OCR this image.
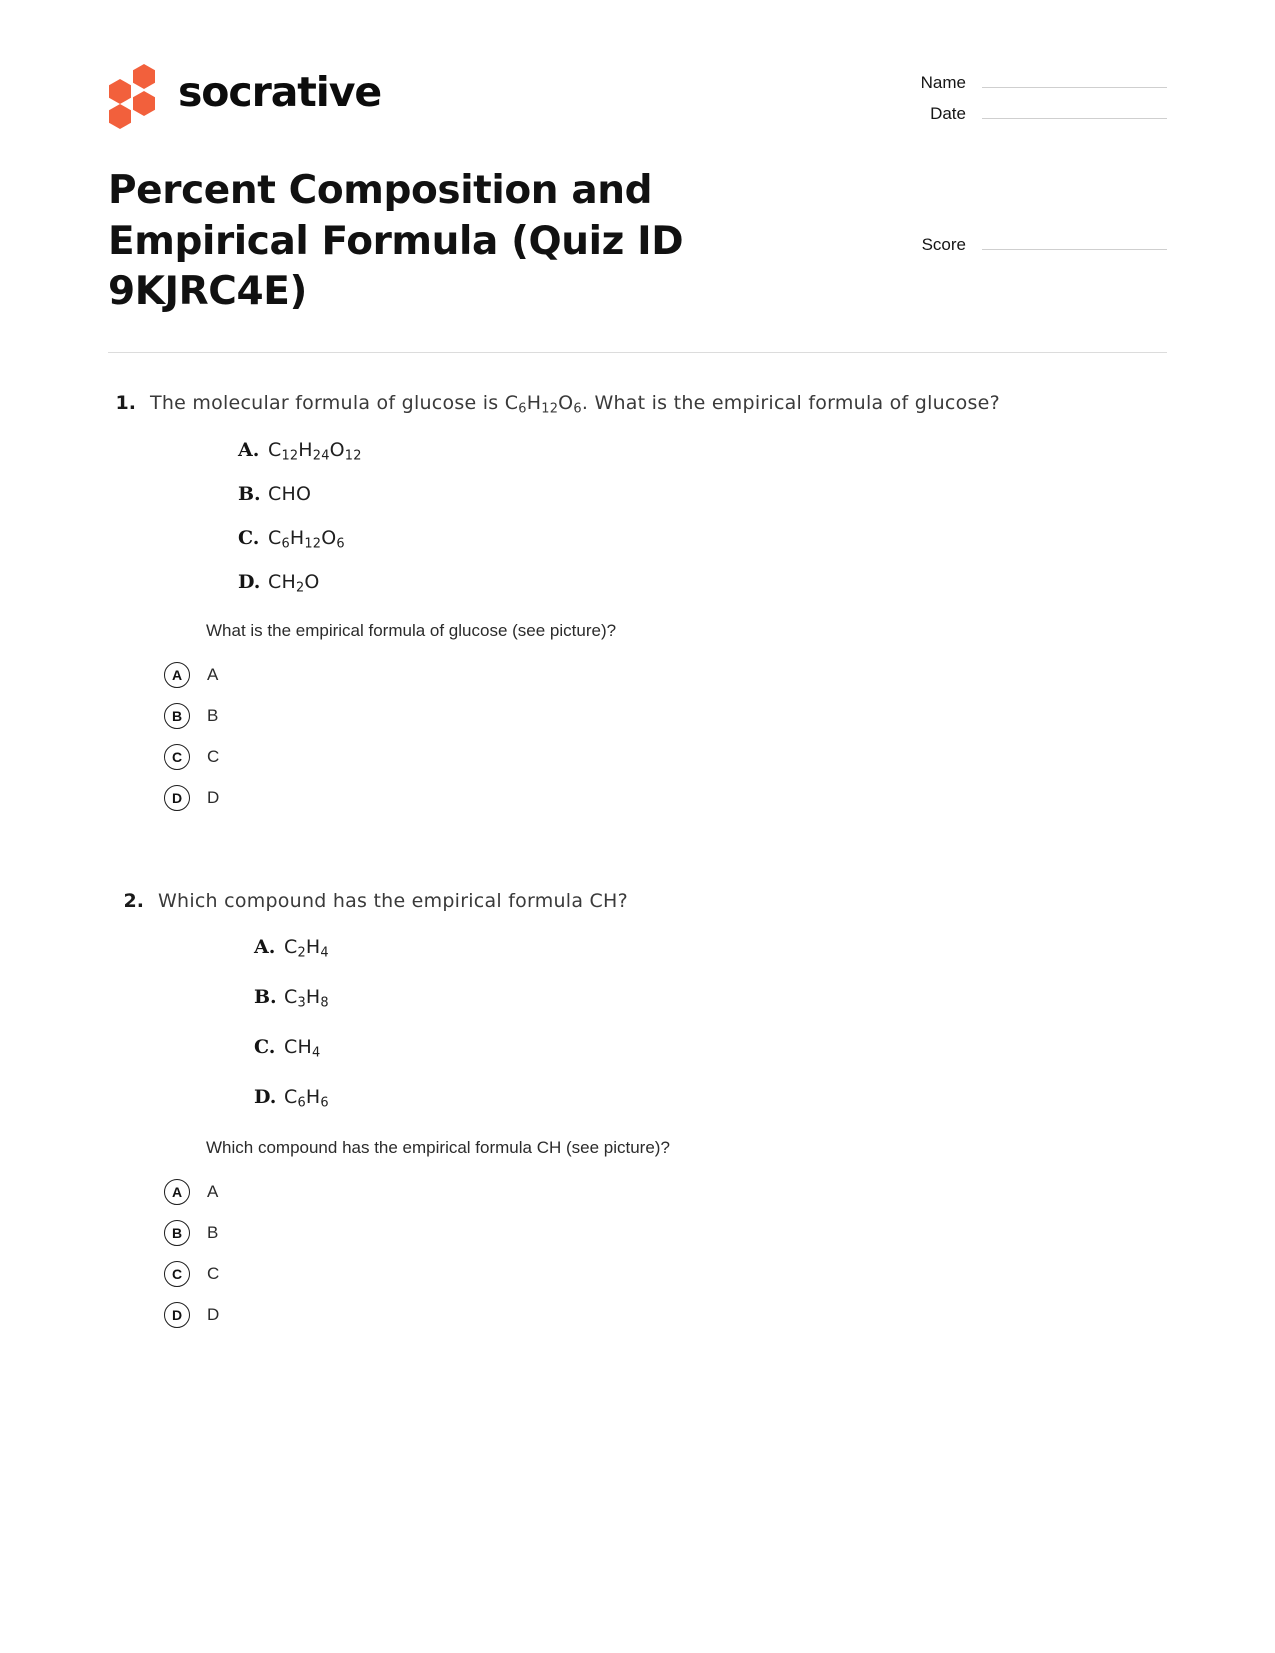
socrative	Name
Date
Percent Composition and Empirical Formula (Quiz ID 9KJRC4E)
Score
1. The molecular formula of glucose is $C_6H_{12}O_6$. What is the empirical formula of glucose?
A. $C_{12}H_{24}O_{12}$
B. CHO
C. $C_6H_{12}O_6$
D. $CH_2O$
What is the empirical formula of glucose (see picture)?
A	A
B	B
C	C
D	D
2. Which compound has the empirical formula CH?
A. $C_2H_4$
B. $C_3H_8$
C. $CH_4$
D. $C_6H_6$
Which compound has the empirical formula CH (see picture)?
A	A
B	B
C	C
D	D
